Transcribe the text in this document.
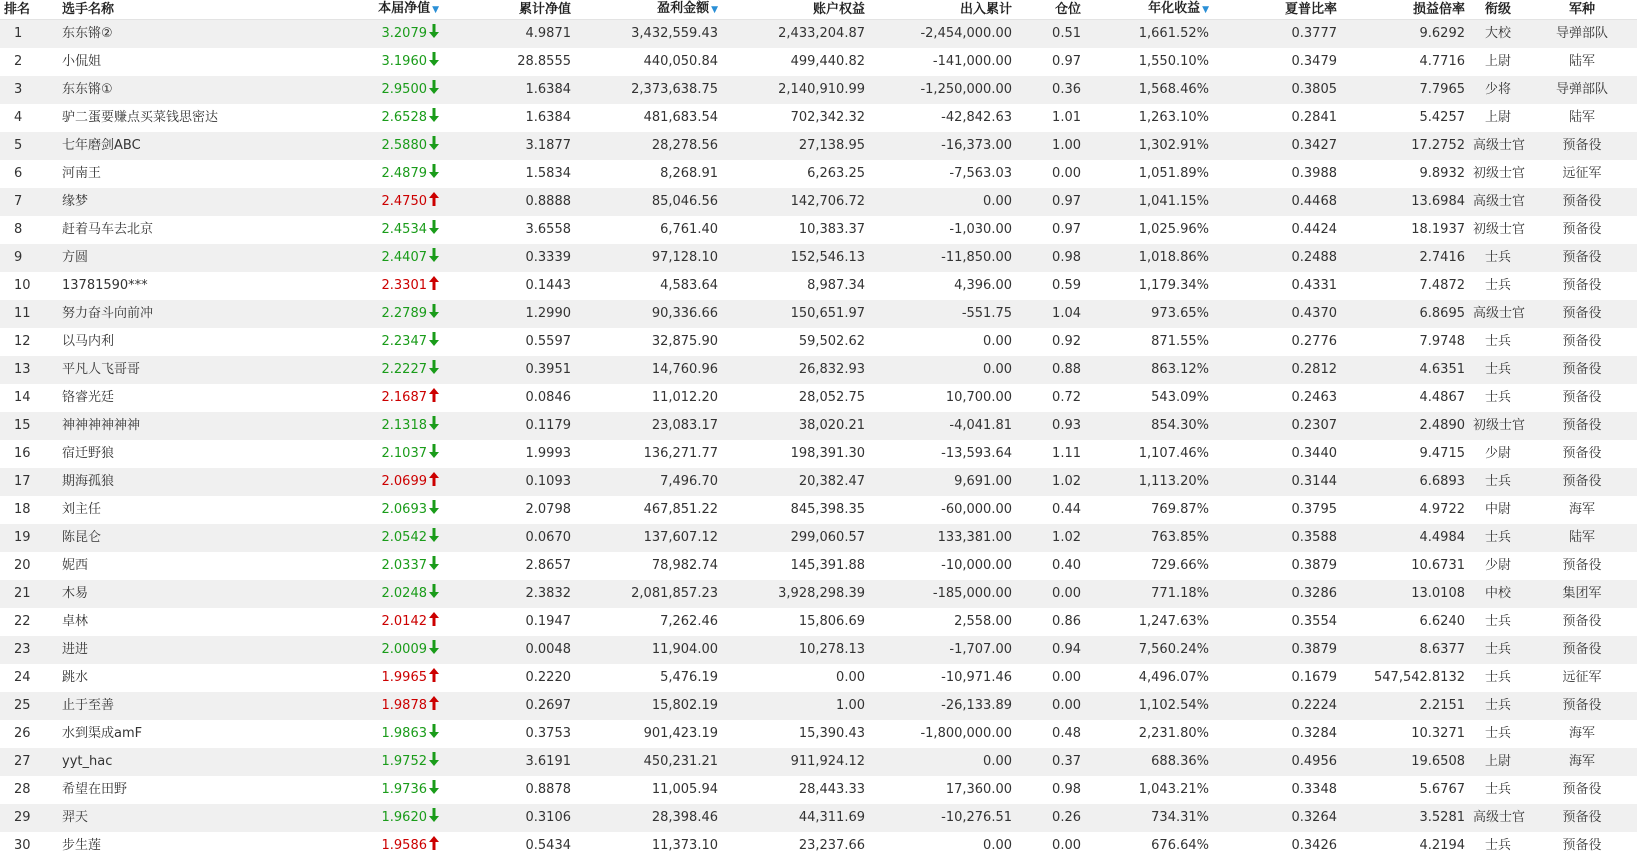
排名	选手名称	本届净值 ▼	累计净值	盈利金额 ▼	账户权益	出入累计	仓位	年化收益 ▼	夏普比率	损益倍率	衔级	军种
1	东东锵②	3.2079	4.9871	3,432,559.43	2,433,204.87	-2,454,000.00	0.51	1,661.52%	0.3777	9.6292	大校	导弹部队
2	小侃姐	3.1960	28.8555	440,050.84	499,440.82	-141,000.00	0.97	1,550.10%	0.3479	4.7716	上尉	陆军
3	东东锵①	2.9500	1.6384	2,373,638.75	2,140,910.99	-1,250,000.00	0.36	1,568.46%	0.3805	7.7965	少将	导弹部队
4	驴二蛋要赚点买菜钱思密达	2.6528	1.6384	481,683.54	702,342.32	-42,842.63	1.01	1,263.10%	0.2841	5.4257	上尉	陆军
5	七年磨剑ABC	2.5880	3.1877	28,278.56	27,138.95	-16,373.00	1.00	1,302.91%	0.3427	17.2752	高级士官	预备役
6	河南王	2.4879	1.5834	8,268.91	6,263.25	-7,563.03	0.00	1,051.89%	0.3988	9.8932	初级士官	远征军
7	缘梦	2.4750	0.8888	85,046.56	142,706.72	0.00	0.97	1,041.15%	0.4468	13.6984	高级士官	预备役
8	赶着马车去北京	2.4534	3.6558	6,761.40	10,383.37	-1,030.00	0.97	1,025.96%	0.4424	18.1937	初级士官	预备役
9	方圆	2.4407	0.3339	97,128.10	152,546.13	-11,850.00	0.98	1,018.86%	0.2488	2.7416	士兵	预备役
10	13781590***	2.3301	0.1443	4,583.64	8,987.34	4,396.00	0.59	1,179.34%	0.4331	7.4872	士兵	预备役
11	努力奋斗向前冲	2.2789	1.2990	90,336.66	150,651.97	-551.75	1.04	973.65%	0.4370	6.8695	高级士官	预备役
12	以马内利	2.2347	0.5597	32,875.90	59,502.62	0.00	0.92	871.55%	0.2776	7.9748	士兵	预备役
13	平凡人飞哥哥	2.2227	0.3951	14,760.96	26,832.93	0.00	0.88	863.12%	0.2812	4.6351	士兵	预备役
14	铬睿光廷	2.1687	0.0846	11,012.20	28,052.75	10,700.00	0.72	543.09%	0.2463	4.4867	士兵	预备役
15	神神神神神神	2.1318	0.1179	23,083.17	38,020.21	-4,041.81	0.93	854.30%	0.2307	2.4890	初级士官	预备役
16	宿迁野狼	2.1037	1.9993	136,271.77	198,391.30	-13,593.64	1.11	1,107.46%	0.3440	9.4715	少尉	预备役
17	期海孤狼	2.0699	0.1093	7,496.70	20,382.47	9,691.00	1.02	1,113.20%	0.3144	6.6893	士兵	预备役
18	刘主任	2.0693	2.0798	467,851.22	845,398.35	-60,000.00	0.44	769.87%	0.3795	4.9722	中尉	海军
19	陈昆仑	2.0542	0.0670	137,607.12	299,060.57	133,381.00	1.02	763.85%	0.3588	4.4984	士兵	陆军
20	妮西	2.0337	2.8657	78,982.74	145,391.88	-10,000.00	0.40	729.66%	0.3879	10.6731	少尉	预备役
21	木易	2.0248	2.3832	2,081,857.23	3,928,298.39	-185,000.00	0.00	771.18%	0.3286	13.0108	中校	集团军
22	卓林	2.0142	0.1947	7,262.46	15,806.69	2,558.00	0.86	1,247.63%	0.3554	6.6240	士兵	预备役
23	进进	2.0009	0.0048	11,904.00	10,278.13	-1,707.00	0.94	7,560.24%	0.3879	8.6377	士兵	预备役
24	跳水	1.9965	0.2220	5,476.19	0.00	-10,971.46	0.00	4,496.07%	0.1679	547,542.8132	士兵	远征军
25	止于至善	1.9878	0.2697	15,802.19	1.00	-26,133.89	0.00	1,102.54%	0.2224	2.2151	士兵	预备役
26	水到渠成amF	1.9863	0.3753	901,423.19	15,390.43	-1,800,000.00	0.48	2,231.80%	0.3284	10.3271	士兵	海军
27	yyt_hac	1.9752	3.6191	450,231.21	911,924.12	0.00	0.37	688.36%	0.4956	19.6508	上尉	海军
28	希望在田野	1.9736	0.8878	11,005.94	28,443.33	17,360.00	0.98	1,043.21%	0.3348	5.6767	士兵	预备役
29	羿天	1.9620	0.3106	28,398.46	44,311.69	-10,276.51	0.26	734.31%	0.3264	3.5281	高级士官	预备役
30	步生莲	1.9586	0.5434	11,373.10	23,237.66	0.00	0.00	676.64%	0.3426	4.2194	士兵	预备役
